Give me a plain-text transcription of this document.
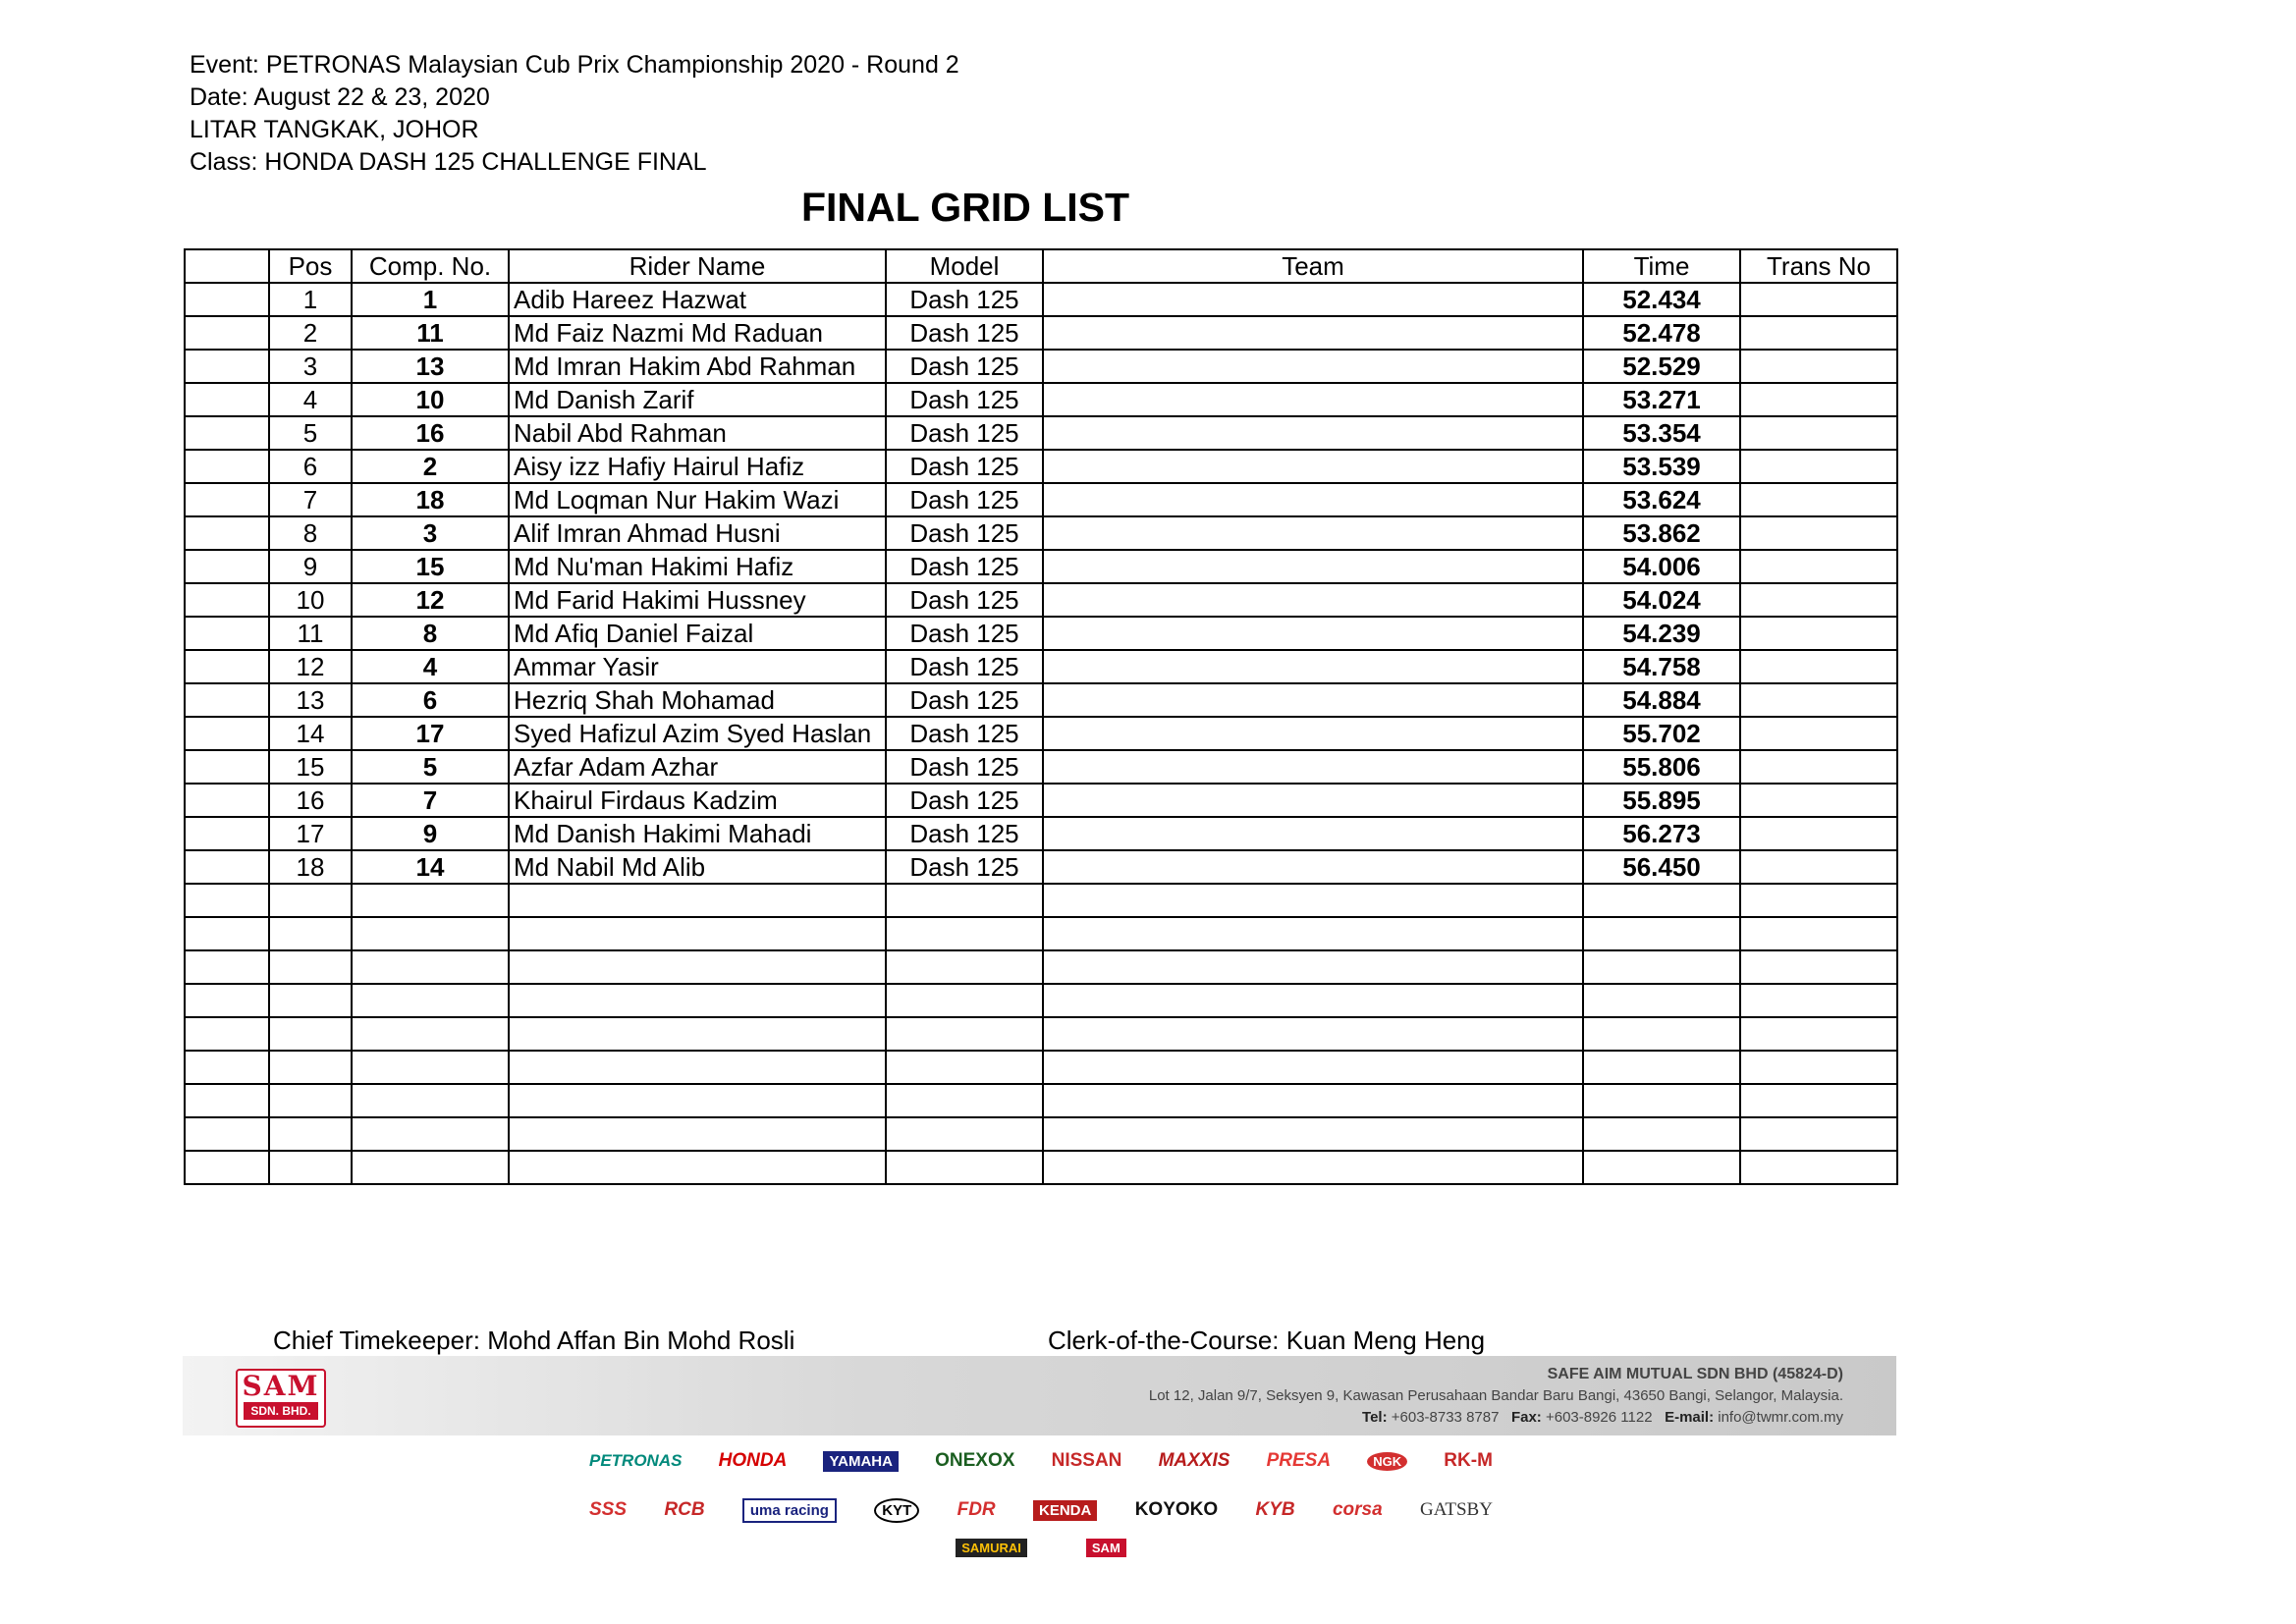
Event: PETRONAS Malaysian Cub Prix Championship 2020 - Round 2
Date: August 22 & 23, 2020
LITAR TANGKAK, JOHOR
Class: HONDA DASH 125 CHALLENGE FINAL
FINAL GRID LIST
	Pos	Comp. No.	Rider Name	Model	Team	Time	Trans No
	1	1	Adib Hareez Hazwat	Dash 125		52.434	
	2	11	Md Faiz Nazmi Md Raduan	Dash 125		52.478	
	3	13	Md Imran Hakim Abd Rahman	Dash 125		52.529	
	4	10	Md Danish Zarif	Dash 125		53.271	
	5	16	Nabil Abd Rahman	Dash 125		53.354	
	6	2	Aisy izz Hafiy Hairul Hafiz	Dash 125		53.539	
	7	18	Md Loqman Nur Hakim Wazi	Dash 125		53.624	
	8	3	Alif Imran Ahmad Husni	Dash 125		53.862	
	9	15	Md Nu'man Hakimi Hafiz	Dash 125		54.006	
	10	12	Md Farid Hakimi Hussney	Dash 125		54.024	
	11	8	Md Afiq Daniel Faizal	Dash 125		54.239	
	12	4	Ammar Yasir	Dash 125		54.758	
	13	6	Hezriq Shah Mohamad	Dash 125		54.884	
	14	17	Syed Hafizul Azim Syed Haslan	Dash 125		55.702	
	15	5	Azfar Adam Azhar	Dash 125		55.806	
	16	7	Khairul Firdaus Kadzim	Dash 125		55.895	
	17	9	Md Danish Hakimi Mahadi	Dash 125		56.273	
	18	14	Md Nabil Md Alib	Dash 125		56.450	

Chief Timekeeper: Mohd Affan Bin Mohd Rosli	Clerk-of-the-Course: Kuan Meng Heng
SAM
SDN. BHD.
SAFE AIM MUTUAL SDN BHD (45824-D)
Lot 12, Jalan 9/7, Seksyen 9, Kawasan Perusahaan Bandar Baru Bangi, 43650 Bangi, Selangor, Malaysia.
Tel: +603-8733 8787 Fax: +603-8926 1122 E-mail: info@twmr.com.my
PETRONAS HONDA	YAMAHA	ONEXOX NISSAN MAXXIS PRESA	NGK	RK-M
SSS RCB	uma racing	KYT	FDR	KENDA	KOYOKO KYB corsa GATSBY
SAMURAI	SAM
